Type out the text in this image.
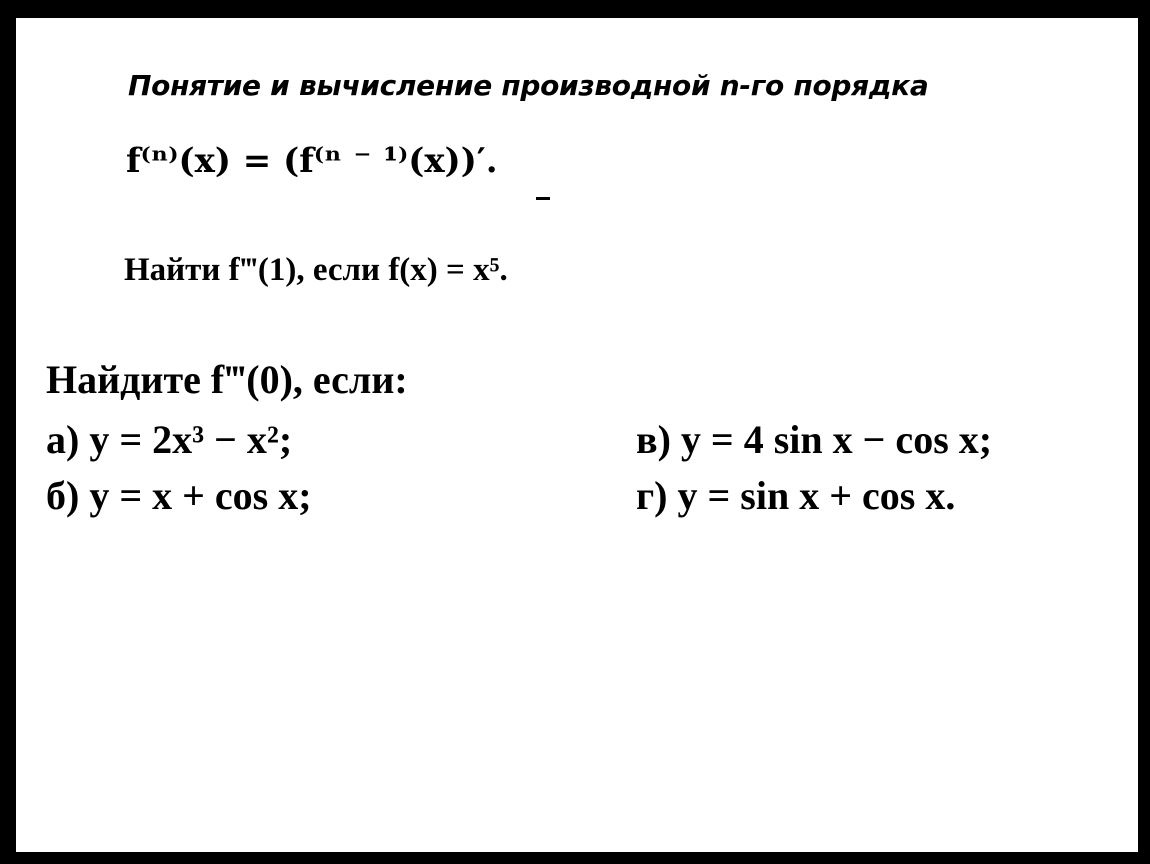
Понятие и вычисление производной n-го порядка
f⁽ⁿ⁾(x) = (f⁽ⁿ ⁻ ¹⁾(x))′.
Найти f‴(1), если f(x) = x⁵.
Найдите f‴(0), если:
а) y = 2x³ − x²;
б) y = x + cos x;
в) y = 4 sin x − cos x;
г) y = sin x + cos x.
